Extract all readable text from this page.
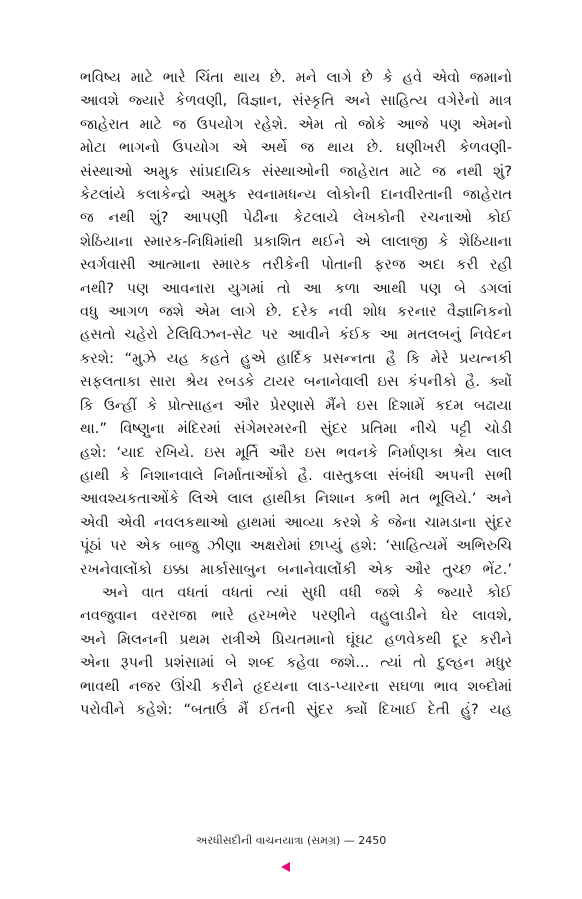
ભવિષ્ય માટે ભારે ચિંતા થાય છે. મને લાગે છે કે હવે એવો જમાનો
આવશે જ્યારે કેળવણી, વિજ્ઞાન, સંસ્કૃતિ અને સાહિત્ય વગેરેનો માત્ર
જાહેરાત માટે જ ઉપયોગ રહેશે. એમ તો જોકે આજે પણ એમનો
મોટા ભાગનો ઉપયોગ એ અર્થે જ થાય છે. ઘણીખરી કેળવણી-
સંસ્થાઓ અમુક સાંપ્રદાયિક સંસ્થાઓની જાહેરાત માટે જ નથી શું?
કેટલાંયે કલાકેન્દ્રો અમુક સ્વનામધન્ય લોકોની દાનવીરતાની જાહેરાત
જ નથી શું? આપણી પેઢીના કેટલાયે લેખકોની રચનાઓ કોઈ
શેઠિયાના સ્મારક-નિધિમાંથી પ્રકાશિત થઈને એ લાલાજી કે શેઠિયાના
સ્વર્ગવાસી આત્માના સ્મારક તરીકેની પોતાની ફરજ અદા કરી રહી
નથી? પણ આવનારા યુગમાં તો આ કળા આથી પણ બે ડગલાં
વધુ આગળ જશે એમ લાગે છે. દરેક નવી શોધ કરનાર વૈજ્ઞાનિકનો
હસતો ચહેરો ટેલિવિઝન-સેટ પર આવીને કંઈક આ મતલબનું નિવેદન
કરશે: “મુઝે યહ કહતે હુએ હાર્દિક પ્રસન્નતા હૈ કિ મેરે પ્રયત્નકી
સફલતાકા સારા શ્રેય રબડકે ટાયર બનાનેવાલી ઇસ કંપનીકો હૈ. ક્યોં
કિ ઉન્હીં કે પ્રોત્સાહન ઔર પ્રેરણાસે મૈંને ઇસ દિશામેં કદમ બઢાયા
થા.” વિષ્ણુના મંદિરમાં સંગેમરમરની સુંદર પ્રતિમા નીચે પટ્ટી ચોડી
હશે: ‘યાદ રખિયે. ઇસ મૂર્તિ ઔર ઇસ ભવનકે નિર્માણકા શ્રેય લાલ
હાથી કે નિશાનવાલે નિર્માતાઓંકો હૈ. વાસ્તુકલા સંબંધી અપની સભી
આવશ્યકતાઓંકે લિએ લાલ હાથીકા નિશાન કભી મત ભૂલિયે.’ અને
એવી એવી નવલકથાઓ હાથમાં આવ્યા કરશે કે જેના ચામડાના સુંદર
પૂંઠાં પર એક બાજુ ઝીણા અક્ષરોમાં છાપ્યું હશે: ‘સાહિત્યમેં અભિરુચિ
રખનેવાલોંકો ઇક્કા માર્કાસાબુન બનાનેવાલોંકી એક ઔર તુચ્છ ભેંટ.’
અને વાત વધતાં વધતાં ત્યાં સુધી વધી જશે કે જ્યારે કોઈ
નવજુવાન વરરાજા ભારે હરખભેર પરણીને વહુલાડીને ઘેર લાવશે,
અને મિલનની પ્રથમ રાત્રીએ પ્રિયતમાનો ઘૂંઘટ હળવેકથી દૂર કરીને
એના રૂપની પ્રશંસામાં બે શબ્દ કહેવા જશે... ત્યાં તો દુલ્હન મધુર
ભાવથી નજર ઊંચી કરીને હૃદયના લાડ-પ્યારના સઘળા ભાવ શબ્દોમાં
પરોવીને કહેશે: “બતાઉં મૈં ઈતની સુંદર ક્યોં દિખાઈ દેતી હું? યહ
અરધીસદીની વાચનયાત્રા (સમગ્ર) — 2450
